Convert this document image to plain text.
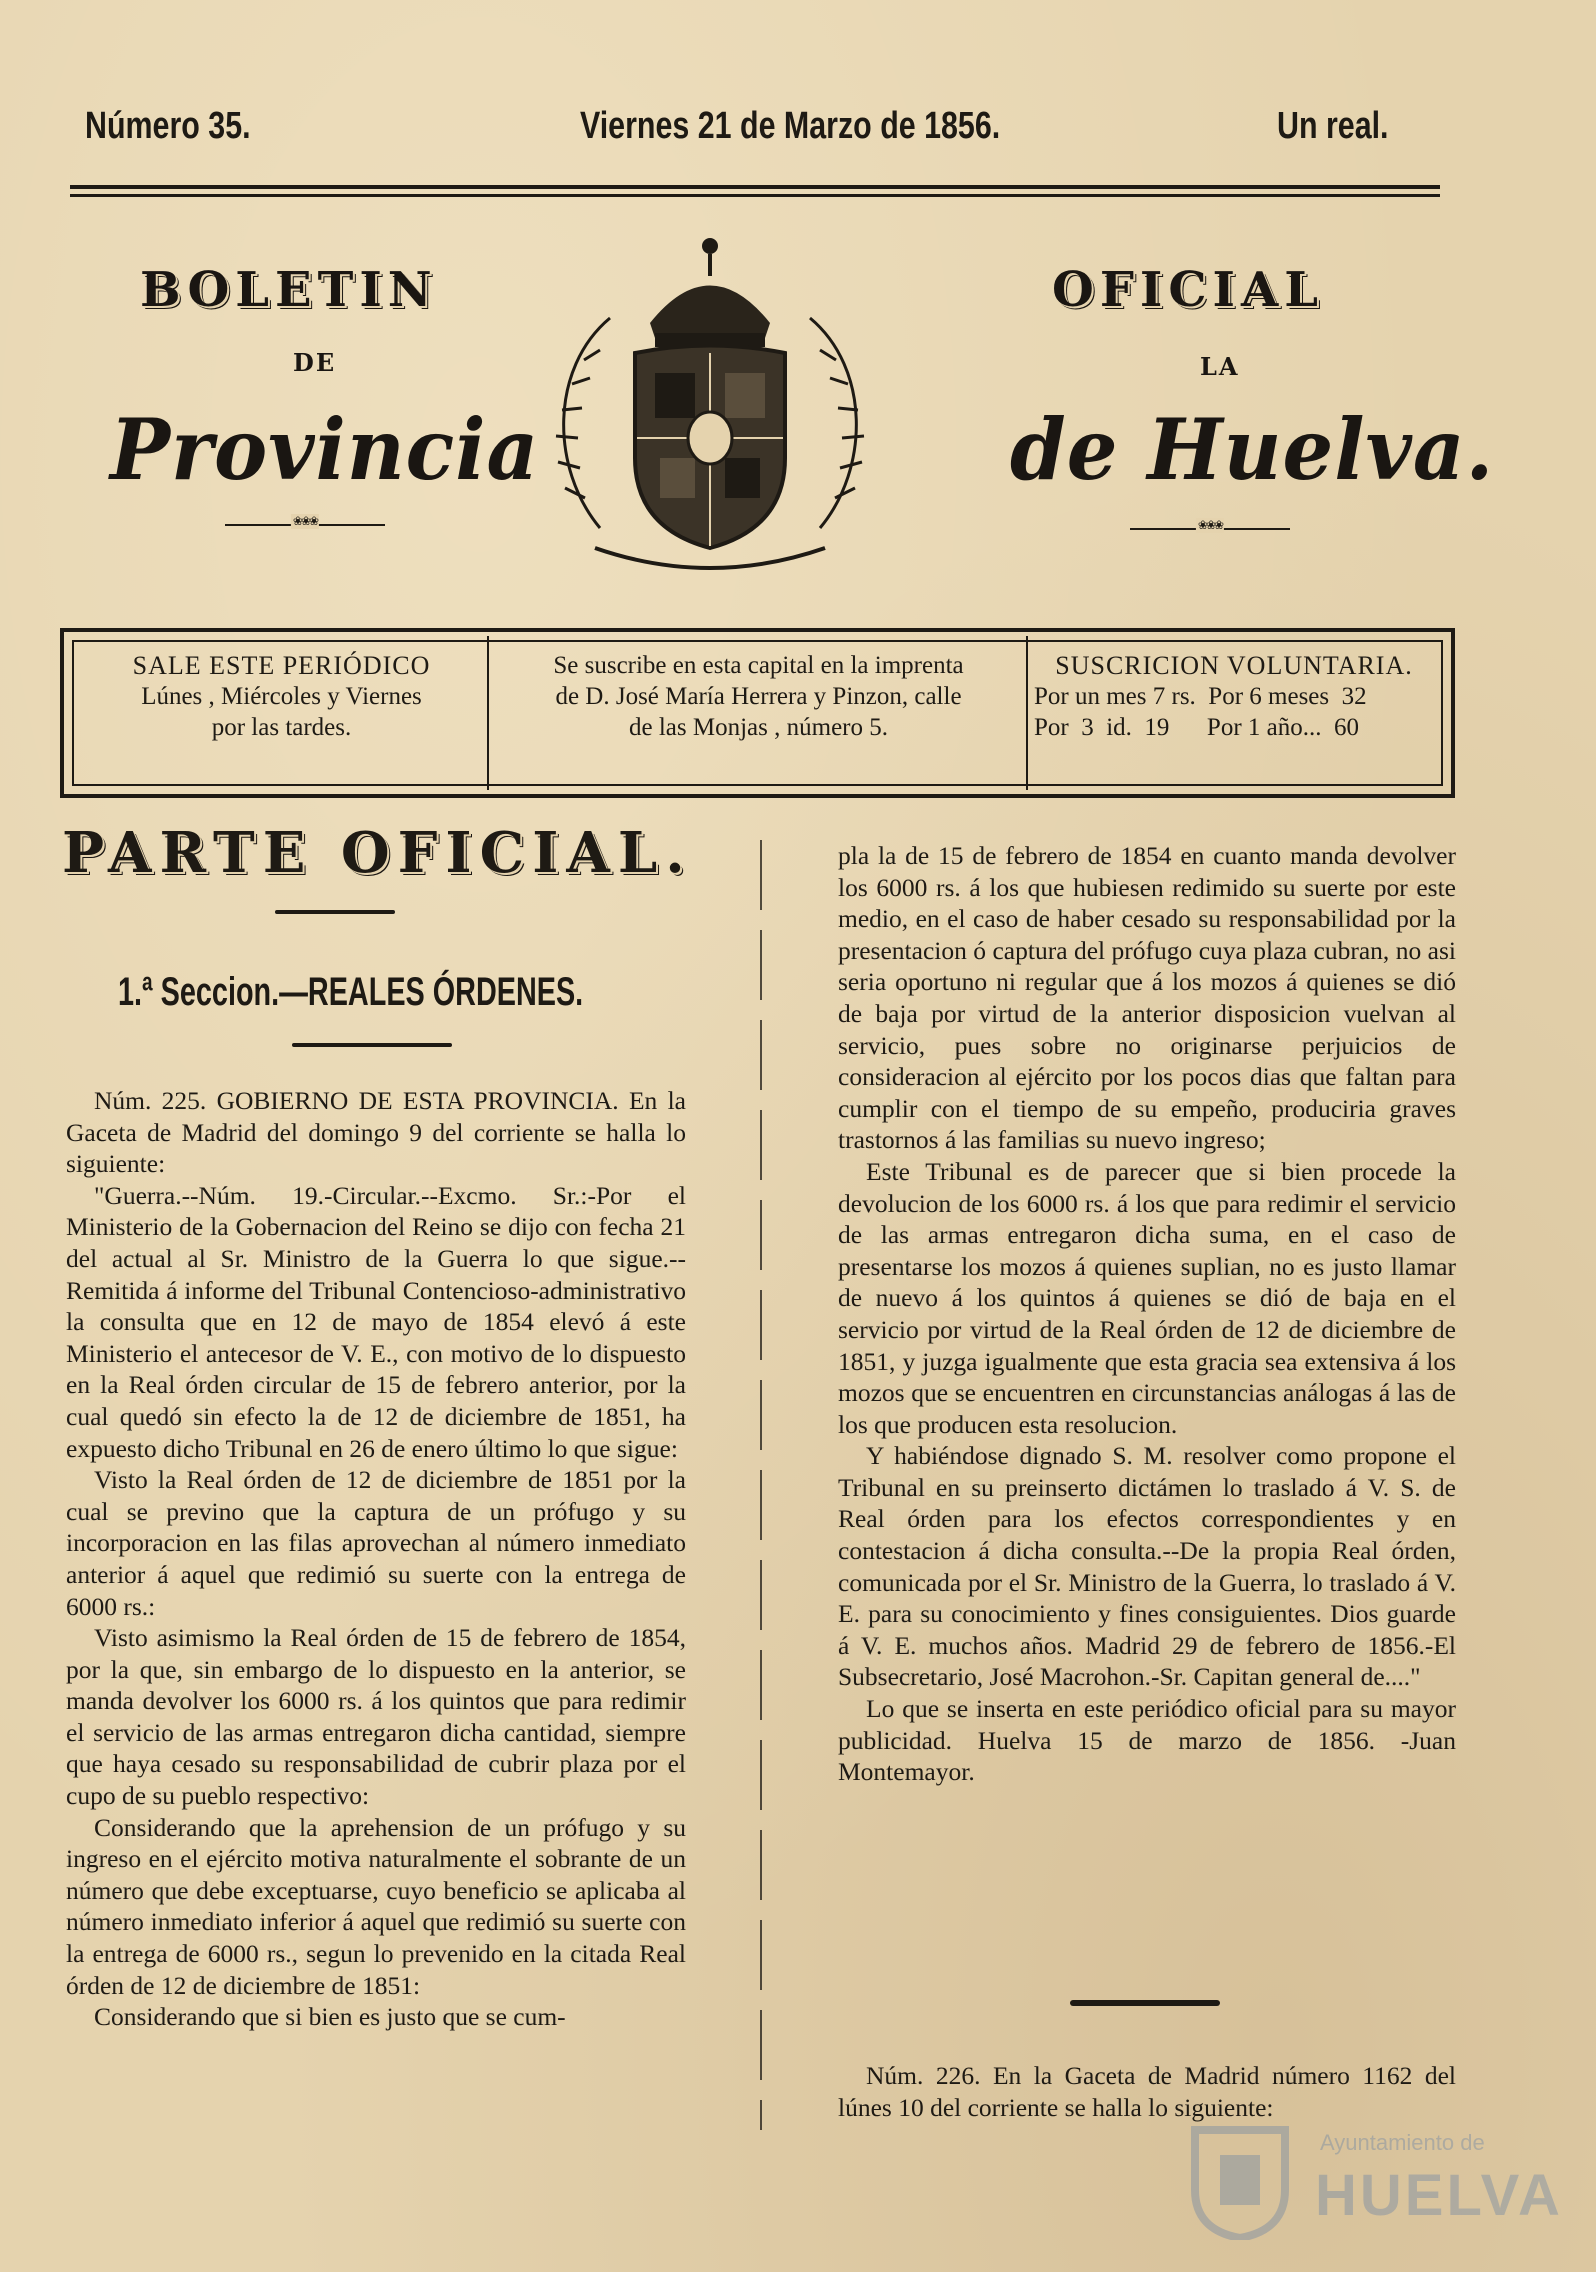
Número 35.	Viernes 21 de Marzo de 1856.	Un real.
BOLETIN	OFICIAL
DE	LA
Provincia	de Huelva.
❀❀❀
❀❀❀
SALE ESTE PERIÓDICO
Lúnes , Miércoles y Viernes
por las tardes.
Se suscribe en esta capital en la imprenta
de D. José María Herrera y Pinzon, calle
de las Monjas , número 5.
SUSCRICION VOLUNTARIA.
Por un mes 7 rs.  Por 6 meses  32
Por  3  id.  19      Por 1 año...  60
PARTE OFICIAL.
1.ª Seccion.—REALES ÓRDENES.

Núm. 225. GOBIERNO DE ESTA PROVINCIA. En la Gaceta de Madrid del domingo 9 del corriente se halla lo siguiente:

"Guerra.--Núm. 19.-Circular.--Excmo. Sr.:-Por el Ministerio de la Gobernacion del Reino se dijo con fecha 21 del actual al Sr. Ministro de la Guerra lo que sigue.--Remitida á informe del Tribunal Contencioso-administrativo la consulta que en 12 de mayo de 1854 elevó á este Ministerio el antecesor de V. E., con motivo de lo dispuesto en la Real órden circular de 15 de febrero anterior, por la cual quedó sin efecto la de 12 de diciembre de 1851, ha expuesto dicho Tribunal en 26 de enero último lo que sigue:

Visto la Real órden de 12 de diciembre de 1851 por la cual se previno que la captura de un prófugo y su incorporacion en las filas aprovechan al número inmediato anterior á aquel que redimió su suerte con la entrega de 6000 rs.:

Visto asimismo la Real órden de 15 de febrero de 1854, por la que, sin embargo de lo dispuesto en la anterior, se manda devolver los 6000 rs. á los quintos que para redimir el servicio de las armas entregaron dicha cantidad, siempre que haya cesado su responsabilidad de cubrir plaza por el cupo de su pueblo respectivo:

Considerando que la aprehension de un prófugo y su ingreso en el ejército motiva naturalmente el sobrante de un número que debe exceptuarse, cuyo beneficio se aplicaba al número inmediato inferior á aquel que redimió su suerte con la entrega de 6000 rs., segun lo prevenido en la citada Real órden de 12 de diciembre de 1851:

Considerando que si bien es justo que se cum-

pla la de 15 de febrero de 1854 en cuanto manda devolver los 6000 rs. á los que hubiesen redimido su suerte por este medio, en el caso de haber cesado su responsabilidad por la presentacion ó captura del prófugo cuya plaza cubran, no asi seria oportuno ni regular que á los mozos á quienes se dió de baja por virtud de la anterior disposicion vuelvan al servicio, pues sobre no originarse perjuicios de consideracion al ejército por los pocos dias que faltan para cumplir con el tiempo de su empeño, produciria graves trastornos á las familias su nuevo ingreso;

Este Tribunal es de parecer que si bien procede la devolucion de los 6000 rs. á los que para redimir el servicio de las armas entregaron dicha suma, en el caso de presentarse los mozos á quienes suplian, no es justo llamar de nuevo á los quintos á quienes se dió de baja en el servicio por virtud de la Real órden de 12 de diciembre de 1851, y juzga igualmente que esta gracia sea extensiva á los mozos que se encuentren en circunstancias análogas á las de los que producen esta resolucion.

Y habiéndose dignado S. M. resolver como propone el Tribunal en su preinserto dictámen lo traslado á V. S. de Real órden para los efectos correspondientes y en contestacion á dicha consulta.--De la propia Real órden, comunicada por el Sr. Ministro de la Guerra, lo traslado á V. E. para su conocimiento y fines consiguientes. Dios guarde á V. E. muchos años. Madrid 29 de febrero de 1856.-El Subsecretario, José Macrohon.-Sr. Capitan general de...."

Lo que se inserta en este periódico oficial para su mayor publicidad. Huelva 15 de marzo de 1856. -Juan Montemayor.

Núm. 226. En la Gaceta de Madrid número 1162 del lúnes 10 del corriente se halla lo siguiente:

Ayuntamiento de
HUELVA
